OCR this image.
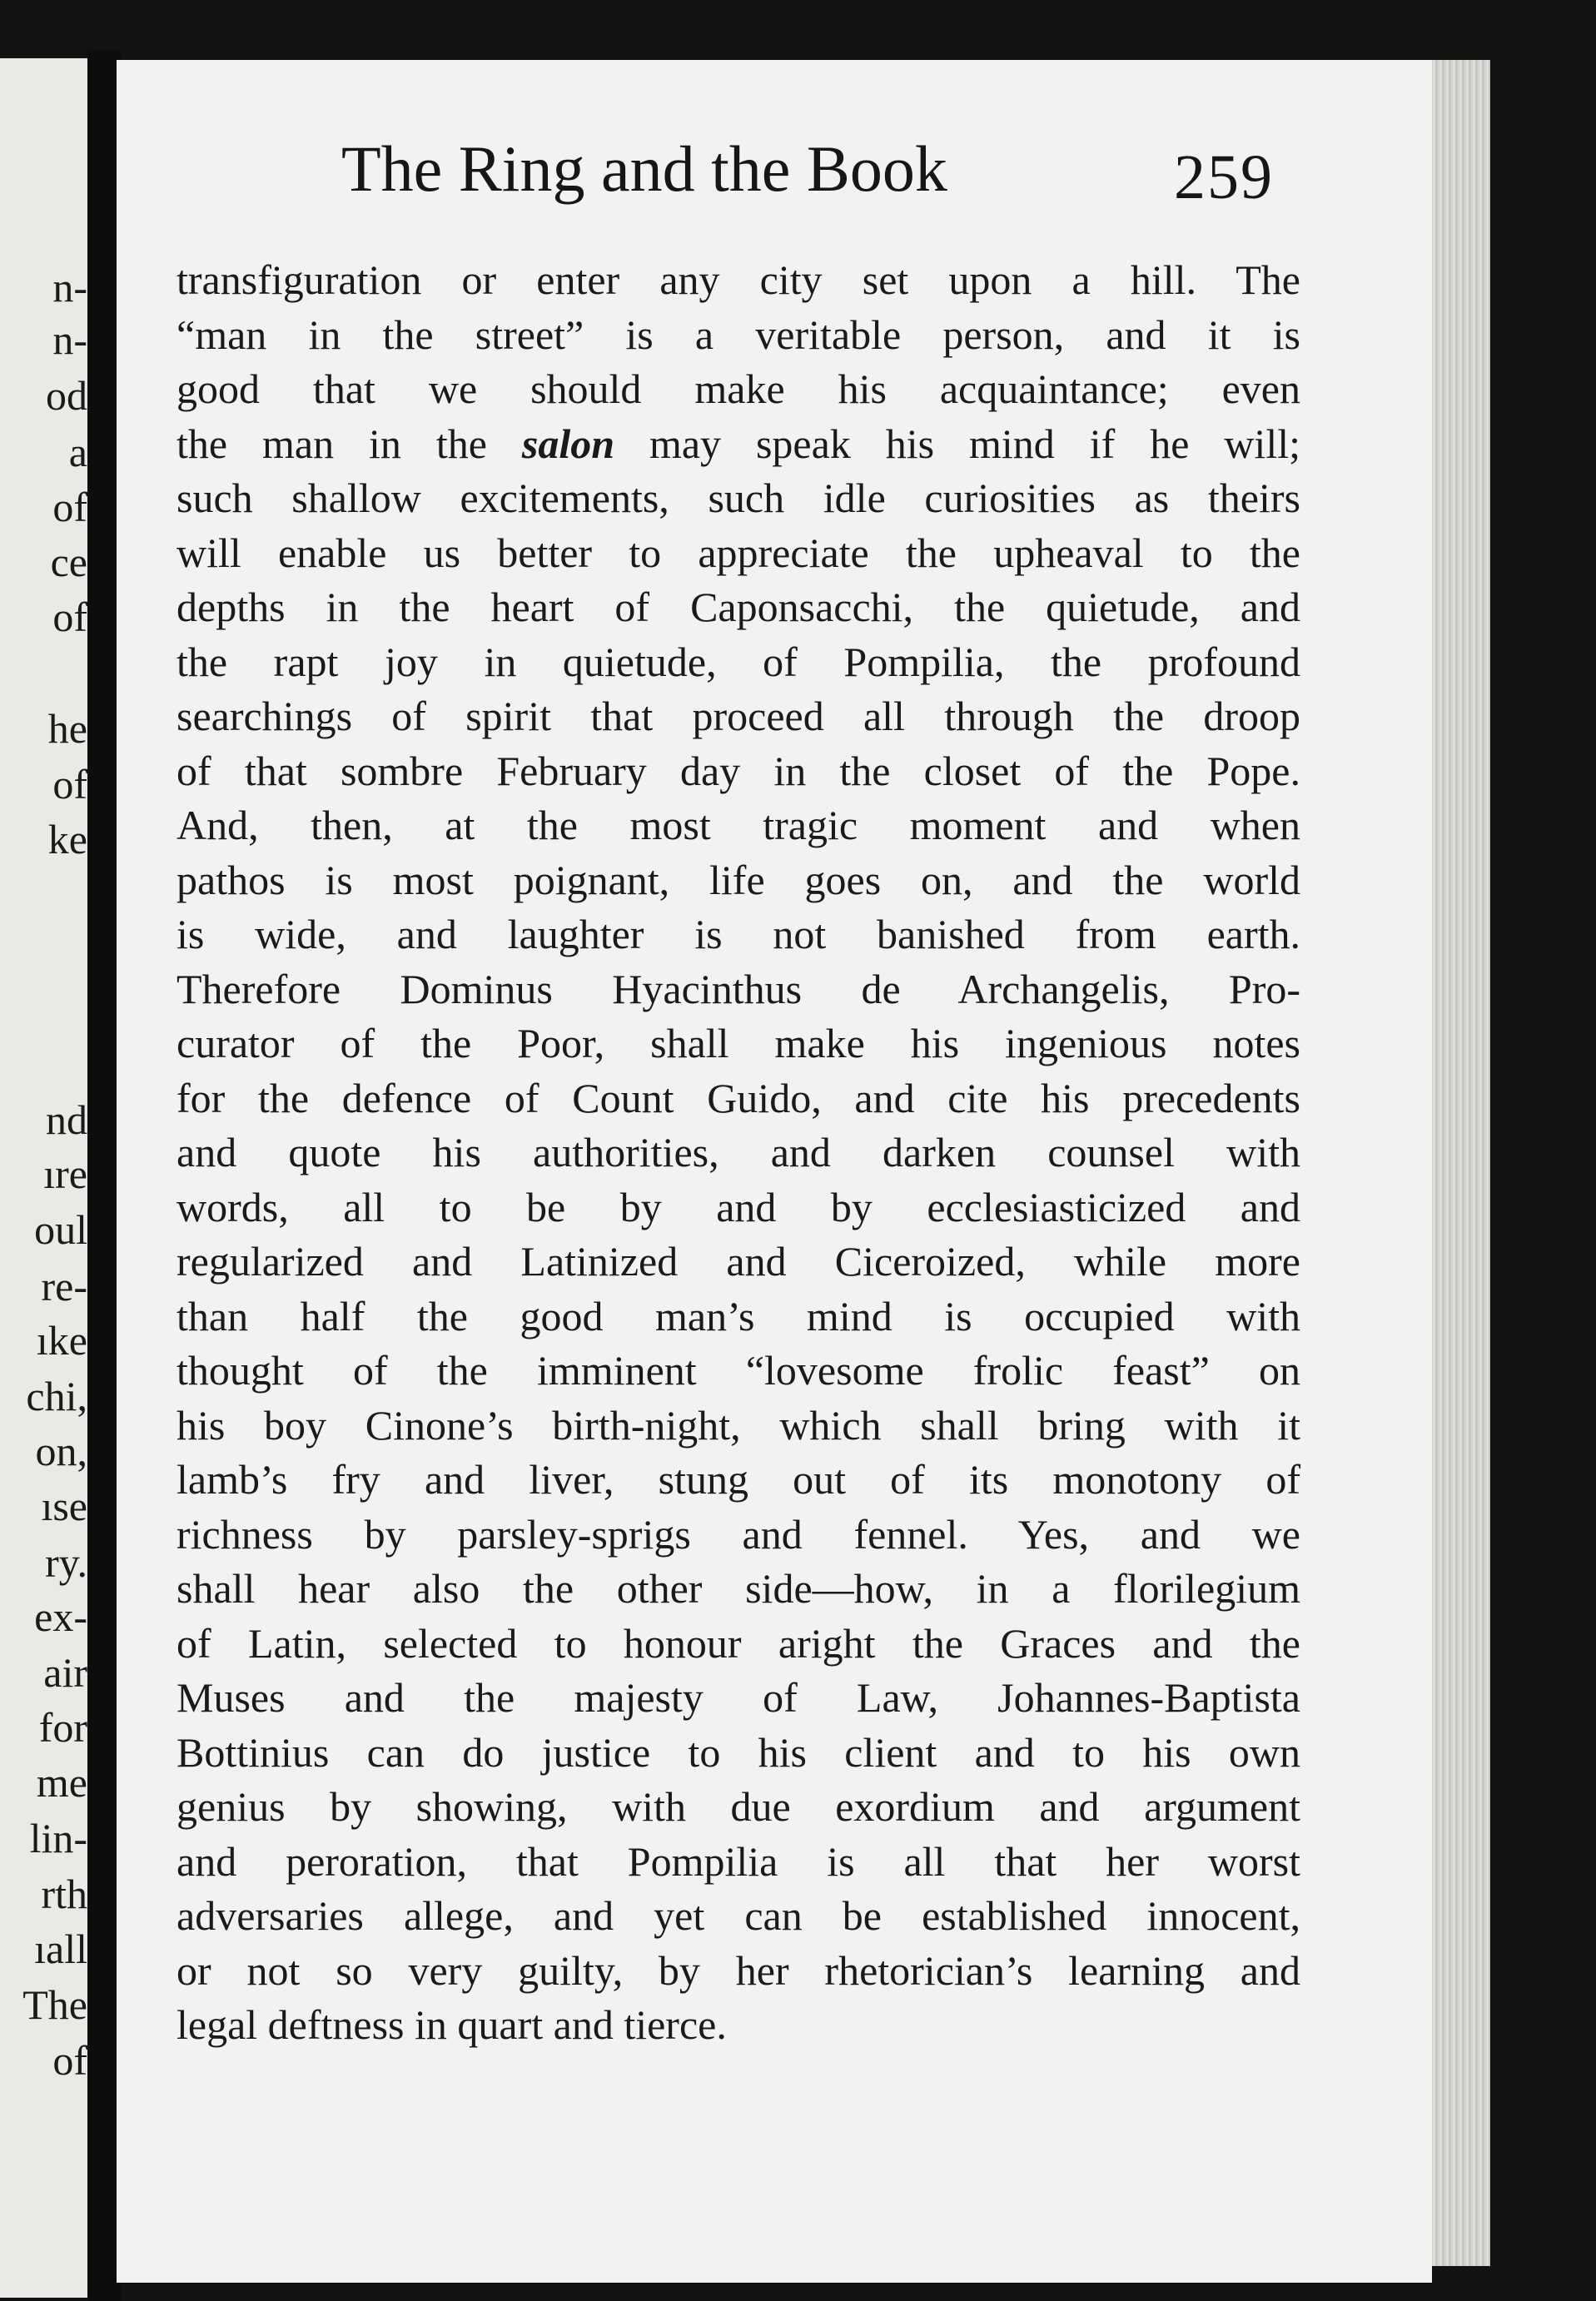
n-
n-
od
a
of
ce
of
he
of
ke
nd
ıre
oul
re-
ıke
chi,
on,
ıse
ry.
ex-
air
for
me
lin-
rth
ıall
The
of
The Ring and the Book	259
transfiguration or enter any city set upon a hill. The
“man in the street” is a veritable person, and it is
good that we should make his acquaintance; even
the man in the salon may speak his mind if he will;
such shallow excitements, such idle curiosities as theirs
will enable us better to appreciate the upheaval to the
depths in the heart of Caponsacchi, the quietude, and
the rapt joy in quietude, of Pompilia, the profound
searchings of spirit that proceed all through the droop
of that sombre February day in the closet of the Pope.
And, then, at the most tragic moment and when
pathos is most poignant, life goes on, and the world
is wide, and laughter is not banished from earth.
Therefore Dominus Hyacinthus de Archangelis, Pro-
curator of the Poor, shall make his ingenious notes
for the defence of Count Guido, and cite his precedents
and quote his authorities, and darken counsel with
words, all to be by and by ecclesiasticized and
regularized and Latinized and Ciceroized, while more
than half the good man’s mind is occupied with
thought of the imminent “lovesome frolic feast” on
his boy Cinone’s birth-night, which shall bring with it
lamb’s fry and liver, stung out of its monotony of
richness by parsley-sprigs and fennel. Yes, and we
shall hear also the other side—how, in a florilegium
of Latin, selected to honour aright the Graces and the
Muses and the majesty of Law, Johannes-Baptista
Bottinius can do justice to his client and to his own
genius by showing, with due exordium and argument
and peroration, that Pompilia is all that her worst
adversaries allege, and yet can be established innocent,
or not so very guilty, by her rhetorician’s learning and
legal deftness in quart and tierce.
